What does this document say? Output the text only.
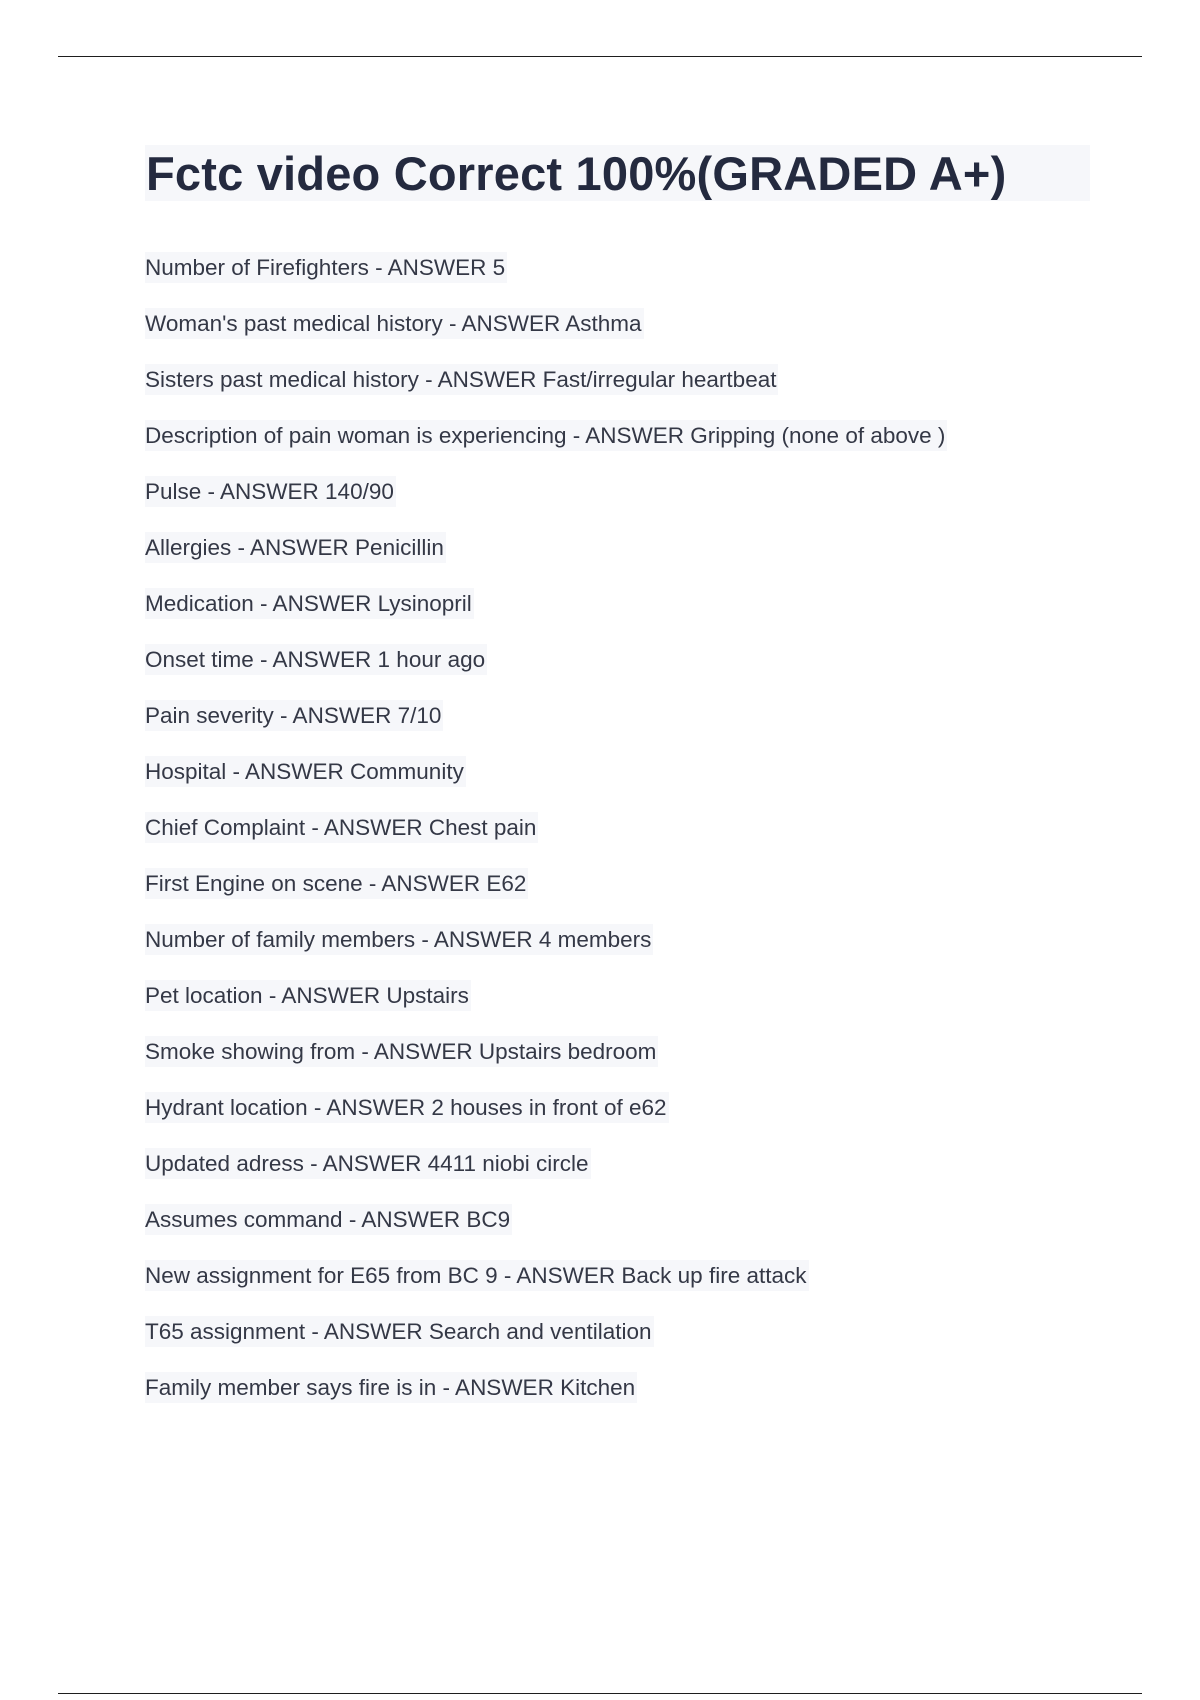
Fctc video Correct 100%(GRADED A+)
Number of Firefighters - ANSWER 5
Woman's past medical history - ANSWER Asthma
Sisters past medical history - ANSWER Fast/irregular heartbeat
Description of pain woman is experiencing - ANSWER Gripping (none of above )
Pulse - ANSWER 140/90
Allergies - ANSWER Penicillin
Medication - ANSWER Lysinopril
Onset time - ANSWER 1 hour ago
Pain severity - ANSWER 7/10
Hospital - ANSWER Community
Chief Complaint - ANSWER Chest pain
First Engine on scene - ANSWER E62
Number of family members - ANSWER 4 members
Pet location - ANSWER Upstairs
Smoke showing from - ANSWER Upstairs bedroom
Hydrant location - ANSWER 2 houses in front of e62
Updated adress - ANSWER 4411 niobi circle
Assumes command - ANSWER BC9
New assignment for E65 from BC 9 - ANSWER Back up fire attack
T65 assignment - ANSWER Search and ventilation
Family member says fire is in - ANSWER Kitchen
